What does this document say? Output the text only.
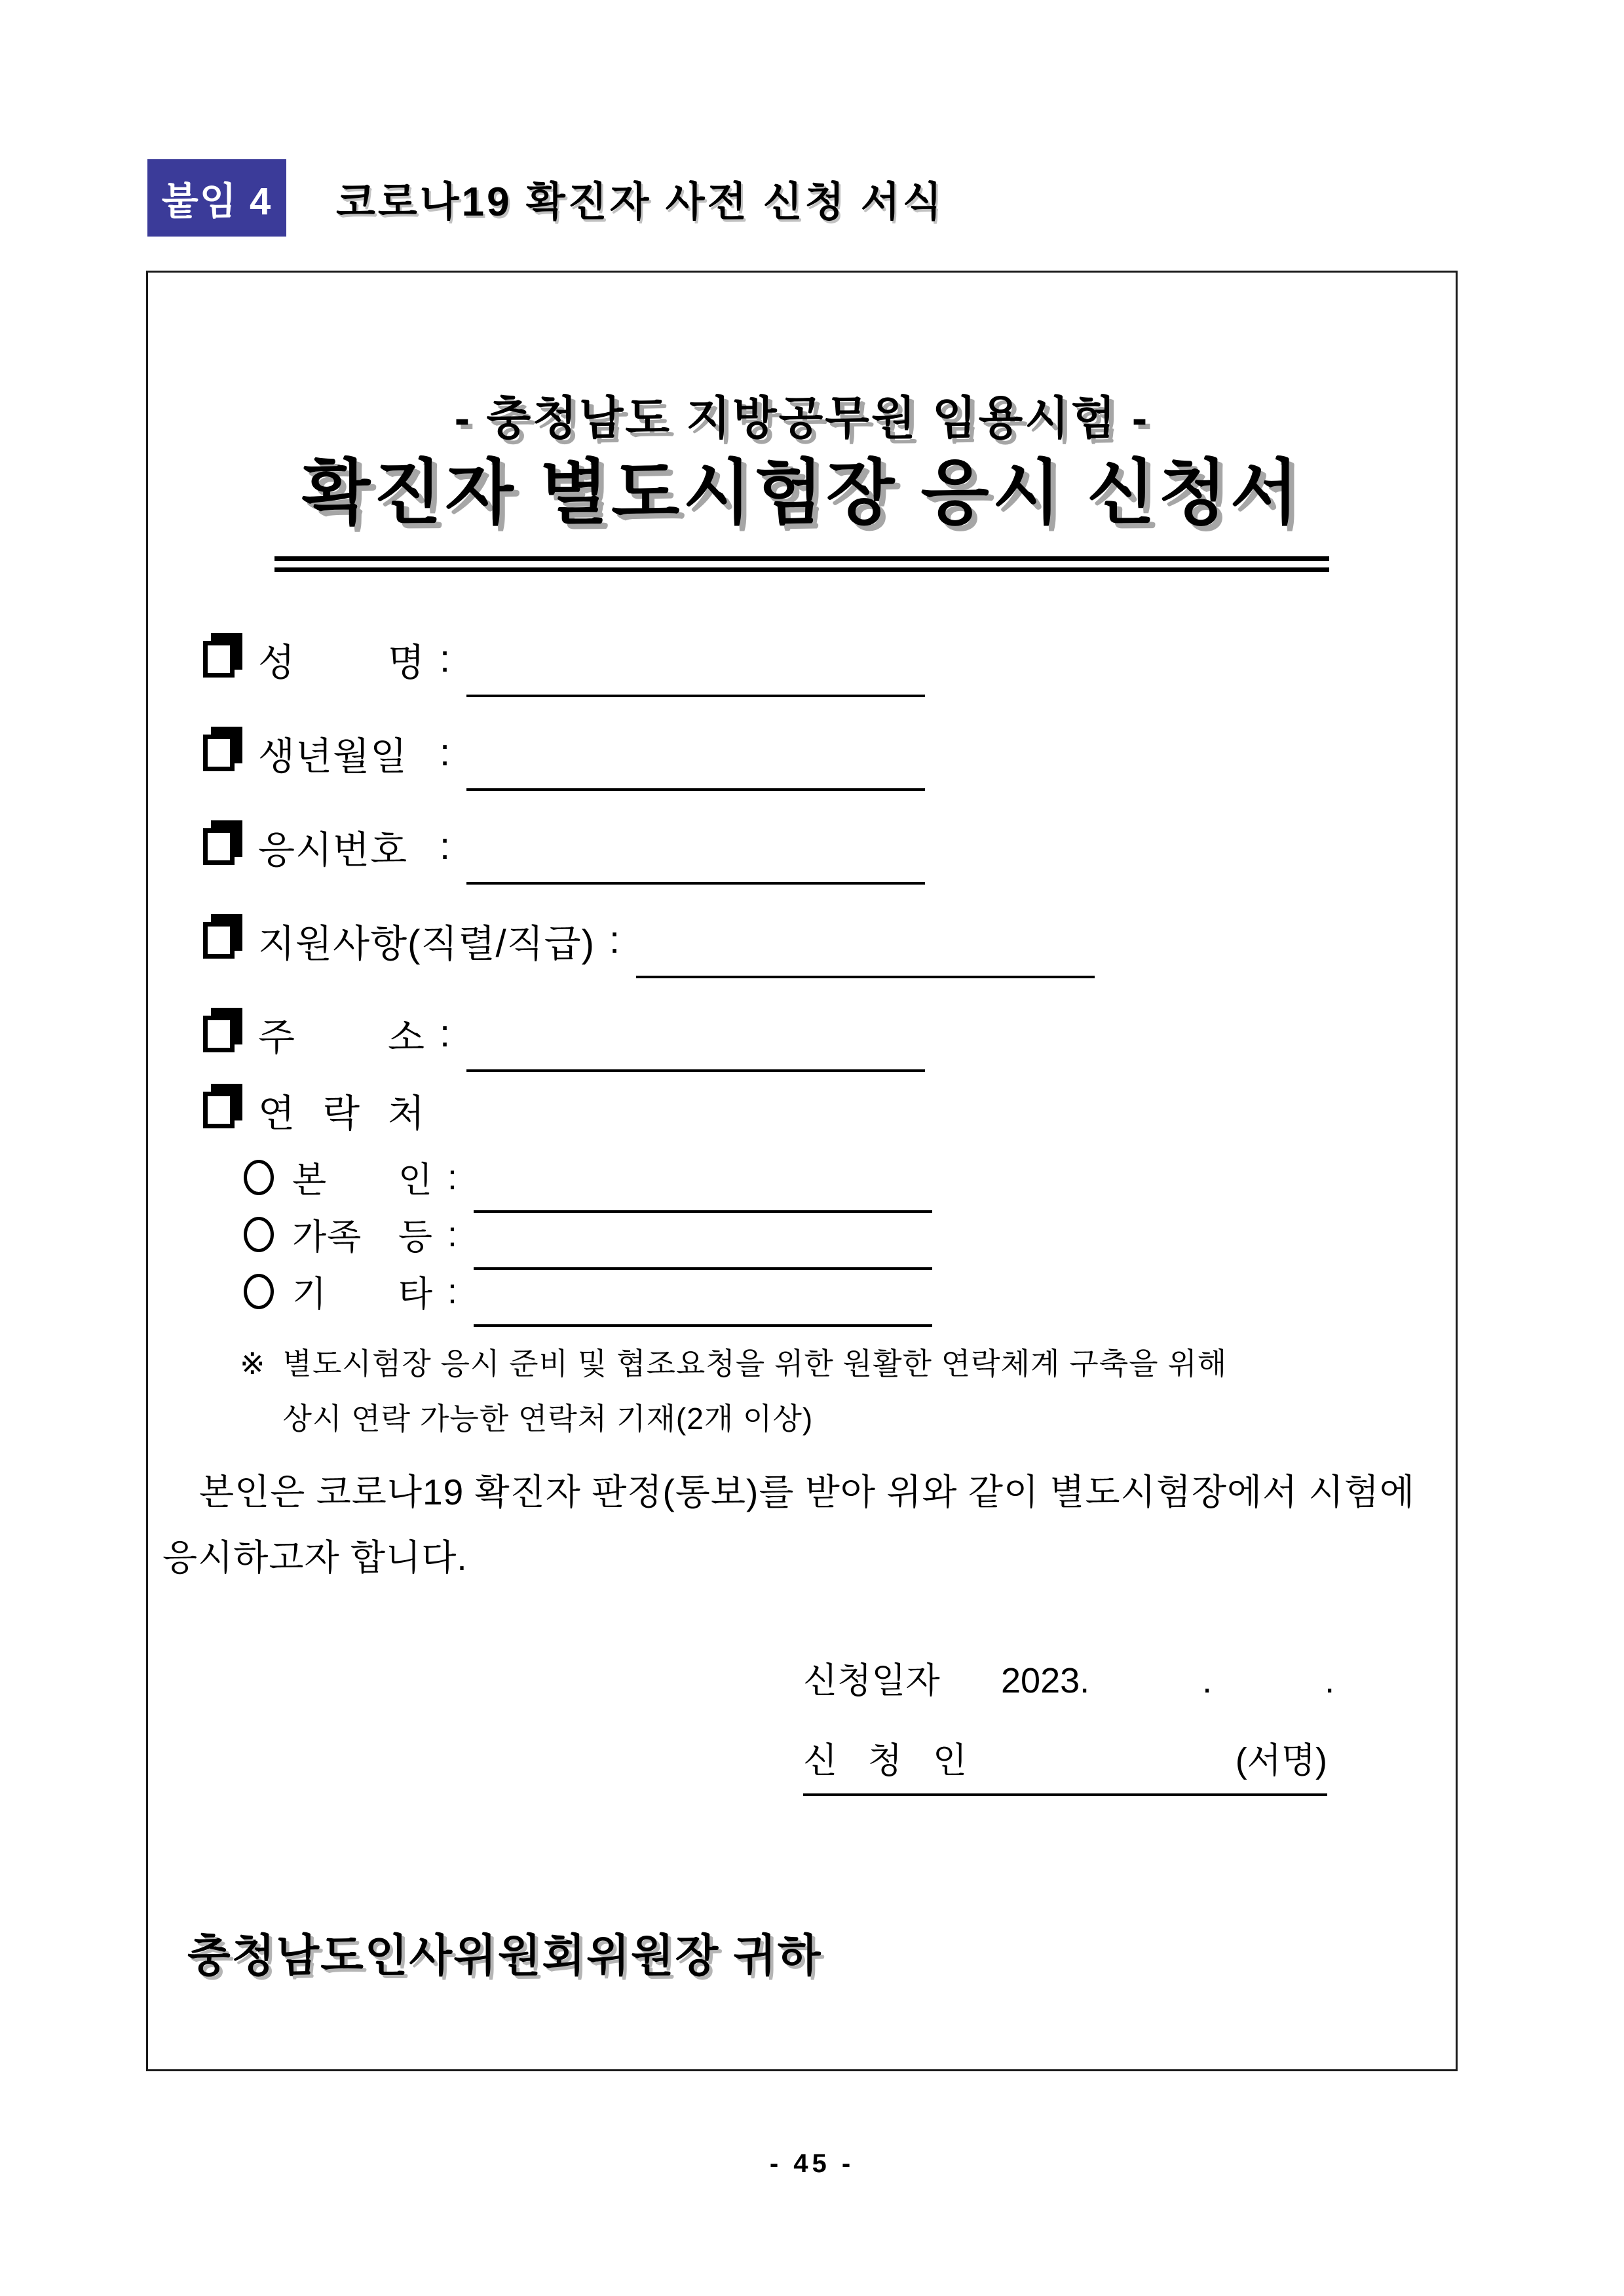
붙임 4	코로나19 확진자 사전 신청 서식
- 충청남도 지방공무원 임용시험 -
확진자 별도시험장 응시 신청서
성 명 :
생년월일 :
응시번호 :
지원사항(직렬/직급) :
주 소 :
연 락 처
본 인 :
가족 등 :
기 타 :
※ 별도시험장 응시 준비 및 협조요청을 위한 원활한 연락체계 구축을 위해
상시 연락 가능한 연락처 기재(2개 이상)

본인은 코로나19 확진자 판정(통보)를 받아 위와 같이 별도시험장에서 시험에 응시하고자 합니다.

신청일자	2023.	.	.
신 청 인	(서명)
충청남도인사위원회위원장 귀하
- 45 -
